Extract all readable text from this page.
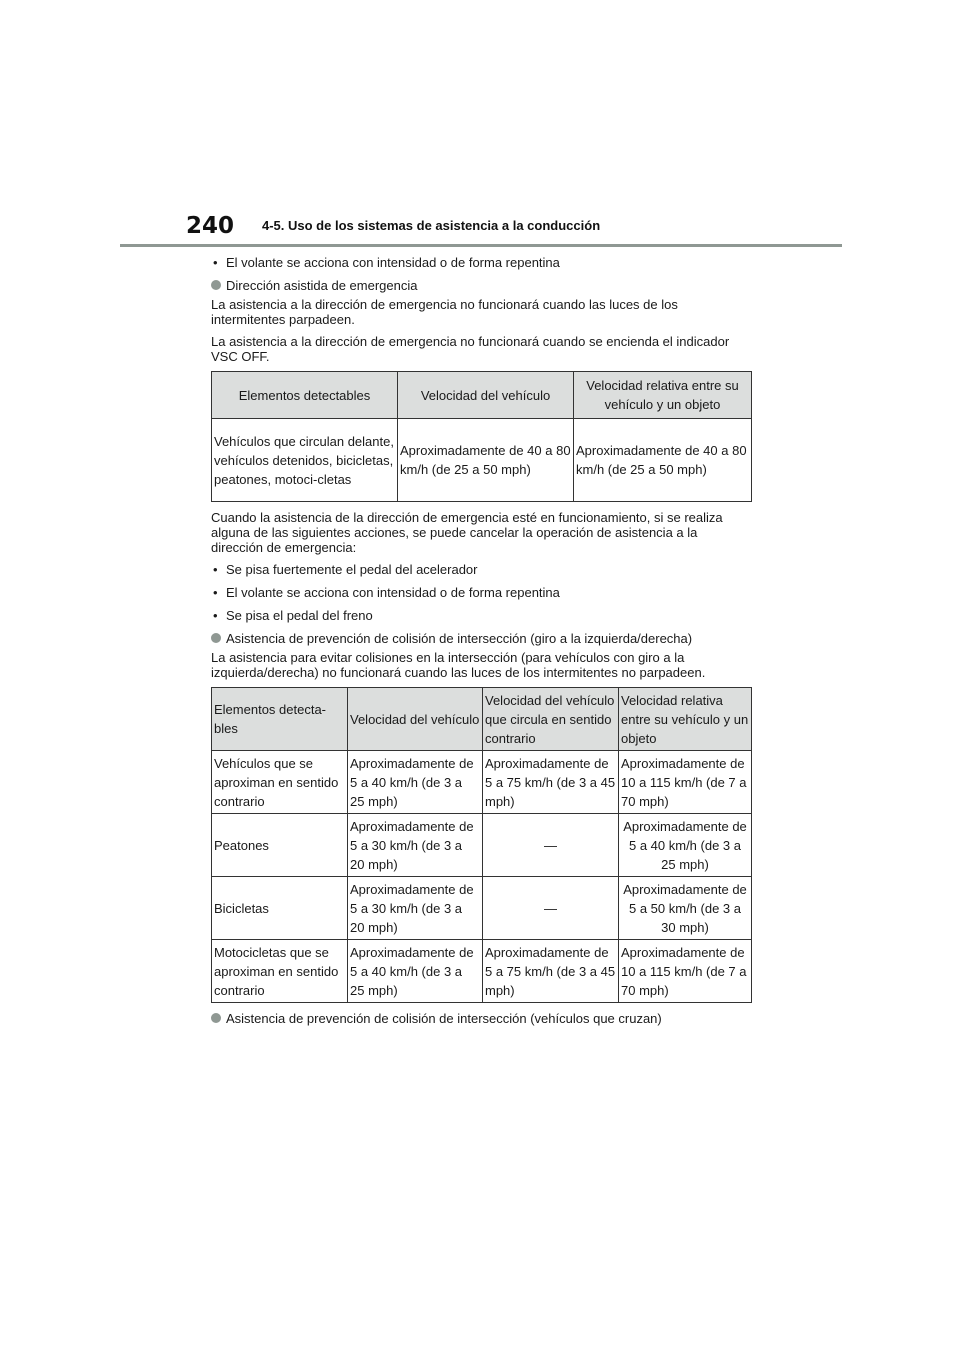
240 4-5. Uso de los sistemas de asistencia a la conducción
• El volante se acciona con intensidad o de forma repentina
Dirección asistida de emergencia

La asistencia a la dirección de emergencia no funcionará cuando las luces de los intermitentes parpadeen.

La asistencia a la dirección de emergencia no funcionará cuando se encienda el indicador VSC OFF.

Elementos detectables	Velocidad del vehículo	Velocidad relativa entre su vehículo y un objeto
Vehículos que circulan delante, vehículos detenidos, bicicletas, peatones, motoci-cletas	Aproximadamente de 40 a 80 km/h (de 25 a 50 mph)	Aproximadamente de 40 a 80 km/h (de 25 a 50 mph)

Cuando la asistencia de la dirección de emergencia esté en funcionamiento, si se realiza alguna de las siguientes acciones, se puede cancelar la operación de asistencia a la dirección de emergencia:

• Se pisa fuertemente el pedal del acelerador
• El volante se acciona con intensidad o de forma repentina
• Se pisa el pedal del freno
Asistencia de prevención de colisión de intersección (giro a la izquierda/derecha)

La asistencia para evitar colisiones en la intersección (para vehículos con giro a la izquierda/derecha) no funcionará cuando las luces de los intermitentes no parpadeen.

Elementos detecta-bles	Velocidad del vehículo	Velocidad del vehículo que circula en sentido contrario	Velocidad relativa entre su vehículo y un objeto
Vehículos que se aproximan en sentido contrario	Aproximadamente de 5 a 40 km/h (de 3 a 25 mph)	Aproximadamente de 5 a 75 km/h (de 3 a 45 mph)	Aproximadamente de 10 a 115 km/h (de 7 a 70 mph)
Peatones	Aproximadamente de 5 a 30 km/h (de 3 a 20 mph)	—	Aproximadamente de 5 a 40 km/h (de 3 a 25 mph)
Bicicletas	Aproximadamente de 5 a 30 km/h (de 3 a 20 mph)	—	Aproximadamente de 5 a 50 km/h (de 3 a 30 mph)
Motocicletas que se aproximan en sentido contrario	Aproximadamente de 5 a 40 km/h (de 3 a 25 mph)	Aproximadamente de 5 a 75 km/h (de 3 a 45 mph)	Aproximadamente de 10 a 115 km/h (de 7 a 70 mph)
Asistencia de prevención de colisión de intersección (vehículos que cruzan)
